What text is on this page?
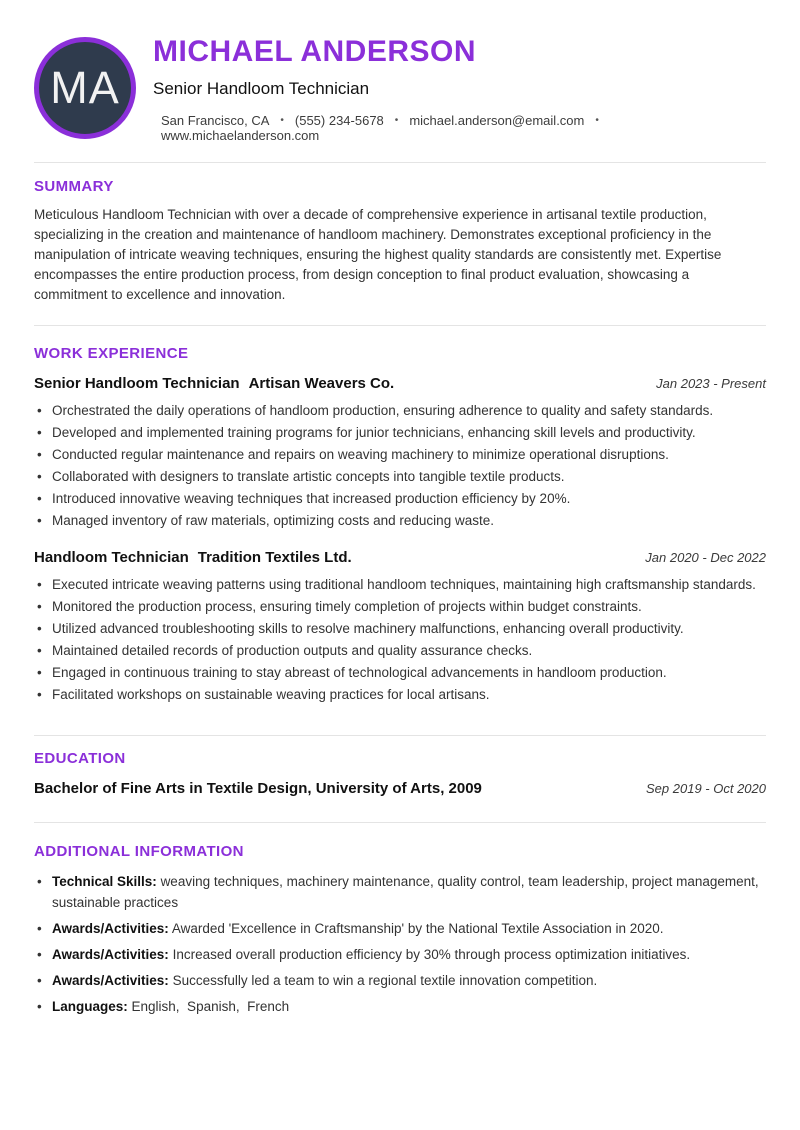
MA
MICHAEL ANDERSON
Senior Handloom Technician
San Francisco, CA • (555) 234-5678 • michael.anderson@email.com
•
www.michaelanderson.com
SUMMARY

Meticulous Handloom Technician with over a decade of comprehensive experience in artisanal textile production, specializing in the creation and maintenance of handloom machinery. Demonstrates exceptional proficiency in the manipulation of intricate weaving techniques, ensuring the highest quality standards are consistently met. Expertise encompasses the entire production process, from design conception to final product evaluation, showcasing a commitment to excellence and innovation.

WORK EXPERIENCE
Senior Handloom Technician Artisan Weavers Co.	Jan 2023 - Present
• Orchestrated the daily operations of handloom production, ensuring adherence to quality and safety standards.
• Developed and implemented training programs for junior technicians, enhancing skill levels and productivity.
• Conducted regular maintenance and repairs on weaving machinery to minimize operational disruptions.
• Collaborated with designers to translate artistic concepts into tangible textile products.
• Introduced innovative weaving techniques that increased production efficiency by 20%.
• Managed inventory of raw materials, optimizing costs and reducing waste.
Handloom Technician Tradition Textiles Ltd.	Jan 2020 - Dec 2022
• Executed intricate weaving patterns using traditional handloom techniques, maintaining high craftsmanship standards.
• Monitored the production process, ensuring timely completion of projects within budget constraints.
• Utilized advanced troubleshooting skills to resolve machinery malfunctions, enhancing overall productivity.
• Maintained detailed records of production outputs and quality assurance checks.
• Engaged in continuous training to stay abreast of technological advancements in handloom production.
• Facilitated workshops on sustainable weaving practices for local artisans.
EDUCATION
Bachelor of Fine Arts in Textile Design, University of Arts, 2009	Sep 2019 - Oct 2020
ADDITIONAL INFORMATION
• Technical Skills: weaving techniques, machinery maintenance, quality control, team leadership, project management, sustainable practices
• Awards/Activities: Awarded 'Excellence in Craftsmanship' by the National Textile Association in 2020.
• Awards/Activities: Increased overall production efficiency by 30% through process optimization initiatives.
• Awards/Activities: Successfully led a team to win a regional textile innovation competition.
• Languages: English,  Spanish,  French
